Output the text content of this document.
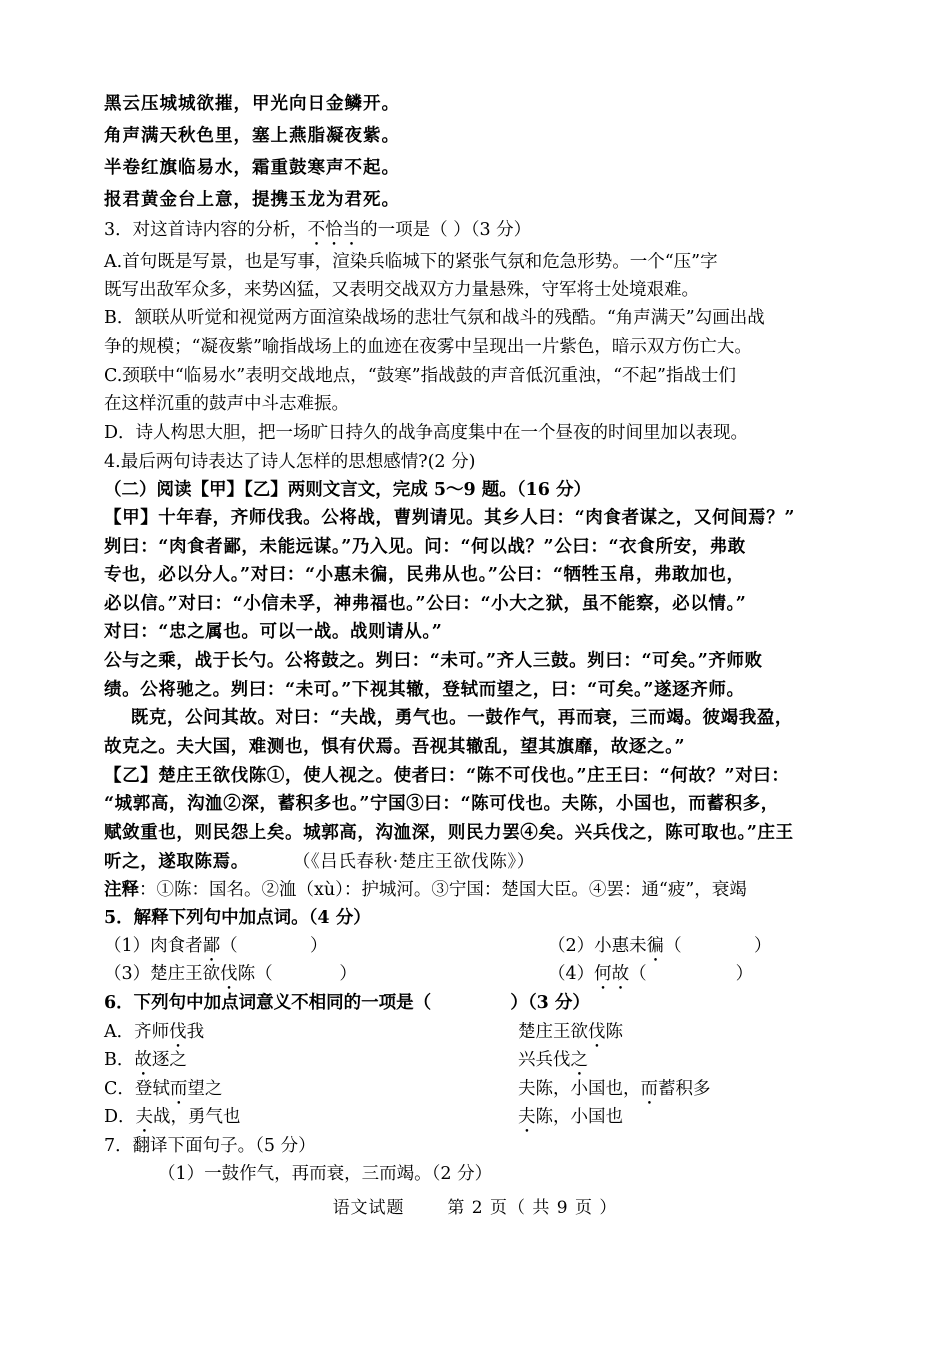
黑云压城城欲摧，甲光向日金鳞开。
角声满天秋色里，塞上燕脂凝夜紫。
半卷红旗临易水，霜重鼓寒声不起。
报君黄金台上意，提携玉龙为君死。
3．对这首诗内容的分析，不恰当的一项是（ ）（3 分）
A.首句既是写景，也是写事，渲染兵临城下的紧张气氛和危急形势。一个“压”字
既写出敌军众多，来势凶猛，又表明交战双方力量悬殊，守军将士处境艰难。
B．颔联从听觉和视觉两方面渲染战场的悲壮气氛和战斗的残酷。“角声满天”勾画出战
争的规模；“凝夜紫”喻指战场上的血迹在夜雾中呈现出一片紫色，暗示双方伤亡大。
C.颈联中“临易水”表明交战地点，“鼓寒”指战鼓的声音低沉重浊，“不起”指战士们
在这样沉重的鼓声中斗志难振。
D．诗人构思大胆，把一场旷日持久的战争高度集中在一个昼夜的时间里加以表现。
4.最后两句诗表达了诗人怎样的思想感情?(2 分)
（二）阅读【甲】【乙】两则文言文，完成 5～9 题。（16 分）
【甲】十年春，齐师伐我。公将战，曹刿请见。其乡人曰：“肉食者谋之，又何间焉？”
刿曰：“肉食者鄙，未能远谋。”乃入见。问：“何以战？”公曰：“衣食所安，弗敢
专也，必以分人。”对曰：“小惠未徧，民弗从也。”公曰：“牺牲玉帛，弗敢加也，
必以信。”对曰：“小信未孚，神弗福也。”公曰：“小大之狱，虽不能察，必以情。”
对曰：“忠之属也。可以一战。战则请从。”
公与之乘，战于长勺。公将鼓之。刿曰：“未可。”齐人三鼓。刿曰：“可矣。”齐师败
绩。公将驰之。刿曰：“未可。”下视其辙，登轼而望之，曰：“可矣。”遂逐齐师。
既克，公问其故。对曰：“夫战，勇气也。一鼓作气，再而衰，三而竭。彼竭我盈，
故克之。夫大国，难测也，惧有伏焉。吾视其辙乱，望其旗靡，故逐之。”
【乙】楚庄王欲伐陈①，使人视之。使者曰：“陈不可伐也。”庄王曰：“何故？”对曰：
“城郭高，沟洫②深，蓄积多也。”宁国③曰：“陈可伐也。夫陈，小国也，而蓄积多，
赋敛重也，则民怨上矣。城郭高，沟洫深，则民力罢④矣。兴兵伐之，陈可取也。”庄王
听之，遂取陈焉。	（《吕氏春秋·楚庄王欲伐陈》）
注释：①陈：国名。②洫（xù）：护城河。③宁国：楚国大臣。④罢：通“疲”，衰竭
5．解释下列句中加点词。（4 分）
（1）肉食者鄙（             ）	（2）小惠未徧（             ）
（3）楚庄王欲伐陈（            ）	（4）何故（                ）
6．下列句中加点词意义不相同的一项是（             ）（3 分）
A．齐师伐我	楚庄王欲伐陈
B．故逐之	兴兵伐之
C．登轼而望之	夫陈，小国也，而蓄积多
D．夫战，勇气也	夫陈，小国也
7．翻译下面句子。（5 分）
（1）一鼓作气，再而衰，三而竭。（2 分）
语文试题	第 2 页（ 共 9 页 ）
